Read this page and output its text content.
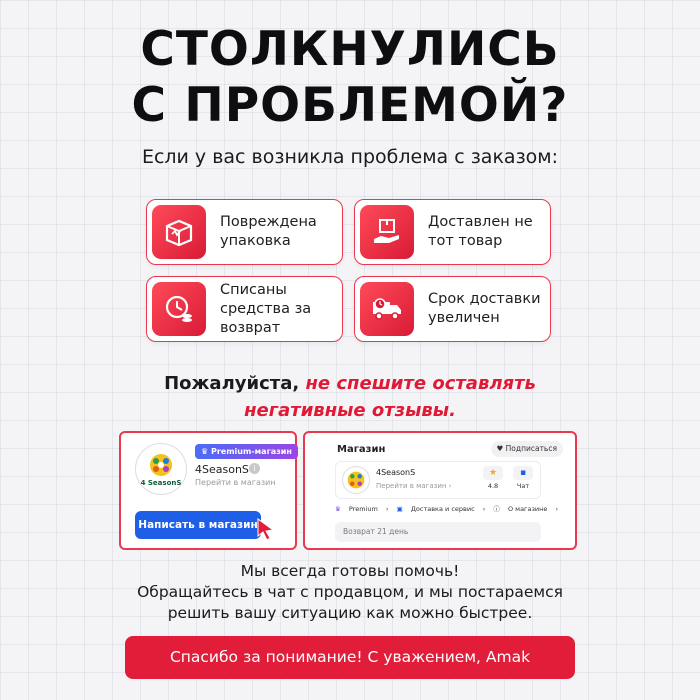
СТОЛКНУЛИСЬ
С ПРОБЛЕМОЙ?
Если у вас возникла проблема с заказом:
Повреждена упаковка
Доставлен не тот товар
Списаны средства за возврат
Срок доставки увеличен
Пожалуйста, не спешите оставлять
негативные отзывы.
4 SeasonS
♛ Premium-магазин
4SeasonS i
Перейти в магазин
Написать в магазин
Магазин	♥ Подписаться
4SeasonS
Перейти в магазин ›
★
4.8
▪
Чат
♛ Premium › ▣ Доставка и сервис › ⓘ О магазине ›
Возврат 21 день
Мы всегда готовы помочь!
Обращайтесь в чат с продавцом, и мы постараемся
решить вашу ситуацию как можно быстрее.
Спасибо за понимание! С уважением, Amak
